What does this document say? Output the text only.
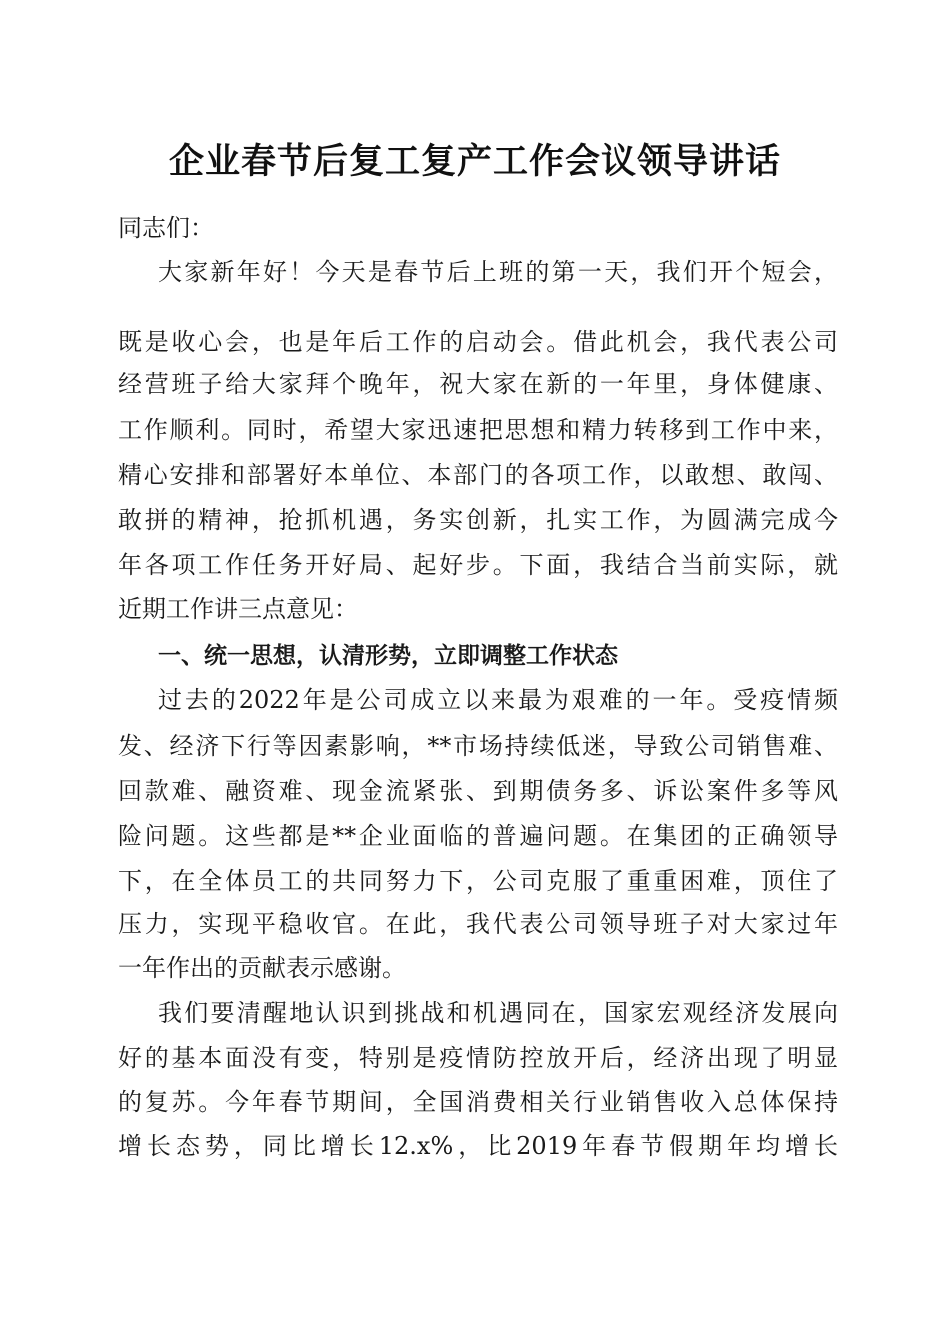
企业春节后复工复产工作会议领导讲话
同志们：
大家新年好！今天是春节后上班的第一天，我们开个短会，
既是收心会，也是年后工作的启动会。借此机会，我代表公司
经营班子给大家拜个晚年，祝大家在新的一年里，身体健康、
工作顺利。同时，希望大家迅速把思想和精力转移到工作中来，
精心安排和部署好本单位、本部门的各项工作，以敢想、敢闯、
敢拼的精神，抢抓机遇，务实创新，扎实工作，为圆满完成今
年各项工作任务开好局、起好步。下面，我结合当前实际，就
近期工作讲三点意见：
一、统一思想，认清形势，立即调整工作状态
过去的2022年是公司成立以来最为艰难的一年。受疫情频
发、经济下行等因素影响，**市场持续低迷，导致公司销售难、
回款难、融资难、现金流紧张、到期债务多、诉讼案件多等风
险问题。这些都是**企业面临的普遍问题。在集团的正确领导
下，在全体员工的共同努力下，公司克服了重重困难，顶住了
压力，实现平稳收官。在此，我代表公司领导班子对大家过年
一年作出的贡献表示感谢。
我们要清醒地认识到挑战和机遇同在，国家宏观经济发展向
好的基本面没有变，特别是疫情防控放开后，经济出现了明显
的复苏。今年春节期间，全国消费相关行业销售收入总体保持
增长态势，同比增长12.x%，比2019年春节假期年均增长
